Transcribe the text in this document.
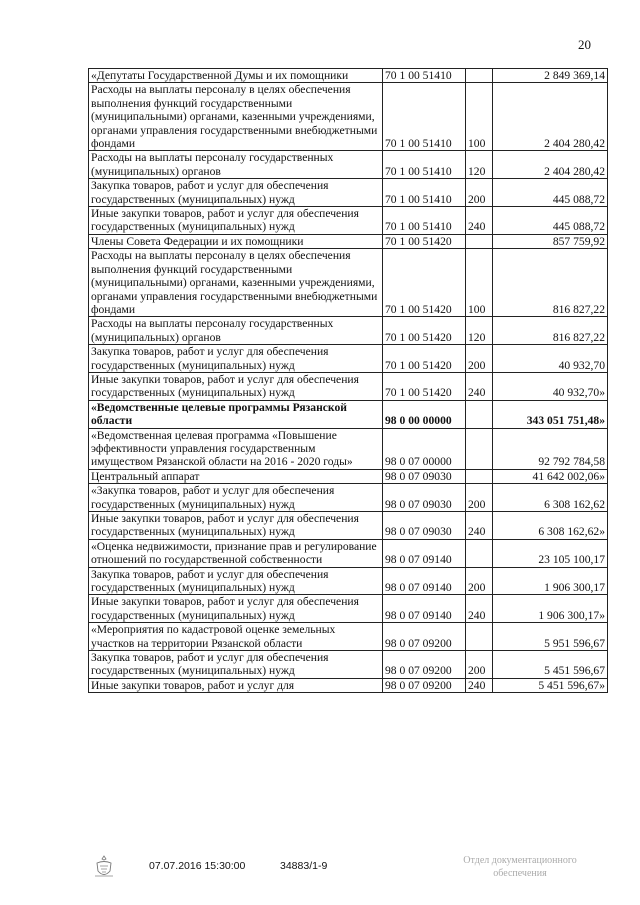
20
«Депутаты Государственной Думы и их помощники	70 1 00 51410		2 849 369,14
Расходы на выплаты персоналу в целях обеспечения выполнения функций государственными (муниципальными) органами, казенными учреждениями, органами управления государственными внебюджетными фондами	70 1 00 51410	100	2 404 280,42
Расходы на выплаты персоналу государственных (муниципальных) органов	70 1 00 51410	120	2 404 280,42
Закупка товаров, работ и услуг для обеспечения государственных (муниципальных) нужд	70 1 00 51410	200	445 088,72
Иные закупки товаров, работ и услуг для обеспечения государственных (муниципальных) нужд	70 1 00 51410	240	445 088,72
Члены Совета Федерации и их помощники	70 1 00 51420		857 759,92
Расходы на выплаты персоналу в целях обеспечения выполнения функций государственными (муниципальными) органами, казенными учреждениями, органами управления государственными внебюджетными фондами	70 1 00 51420	100	816 827,22
Расходы на выплаты персоналу государственных (муниципальных) органов	70 1 00 51420	120	816 827,22
Закупка товаров, работ и услуг для обеспечения государственных (муниципальных) нужд	70 1 00 51420	200	40 932,70
Иные закупки товаров, работ и услуг для обеспечения государственных (муниципальных) нужд	70 1 00 51420	240	40 932,70»
«Ведомственные целевые программы Рязанской области	98 0 00 00000		343 051 751,48»
«Ведомственная целевая программа «Повышение эффективности управления государственным имуществом Рязанской области на 2016 - 2020 годы»	98 0 07 00000		92 792 784,58
Центральный аппарат	98 0 07 09030		41 642 002,06»
«Закупка товаров, работ и услуг для обеспечения государственных (муниципальных) нужд	98 0 07 09030	200	6 308 162,62
Иные закупки товаров, работ и услуг для обеспечения государственных (муниципальных) нужд	98 0 07 09030	240	6 308 162,62»
«Оценка недвижимости, признание прав и регулирование отношений по государственной собственности	98 0 07 09140		23 105 100,17
Закупка товаров, работ и услуг для обеспечения государственных (муниципальных) нужд	98 0 07 09140	200	1 906 300,17
Иные закупки товаров, работ и услуг для обеспечения государственных (муниципальных) нужд	98 0 07 09140	240	1 906 300,17»
«Мероприятия по кадастровой оценке земельных участков на территории Рязанской области	98 0 07 09200		5 951 596,67
Закупка товаров, работ и услуг для обеспечения государственных (муниципальных) нужд	98 0 07 09200	200	5 451 596,67
Иные закупки товаров, работ и услуг для	98 0 07 09200	240	5 451 596,67»
07.07.2016 15:30:00	34883/1-9	Отдел документационного
обеспечения
